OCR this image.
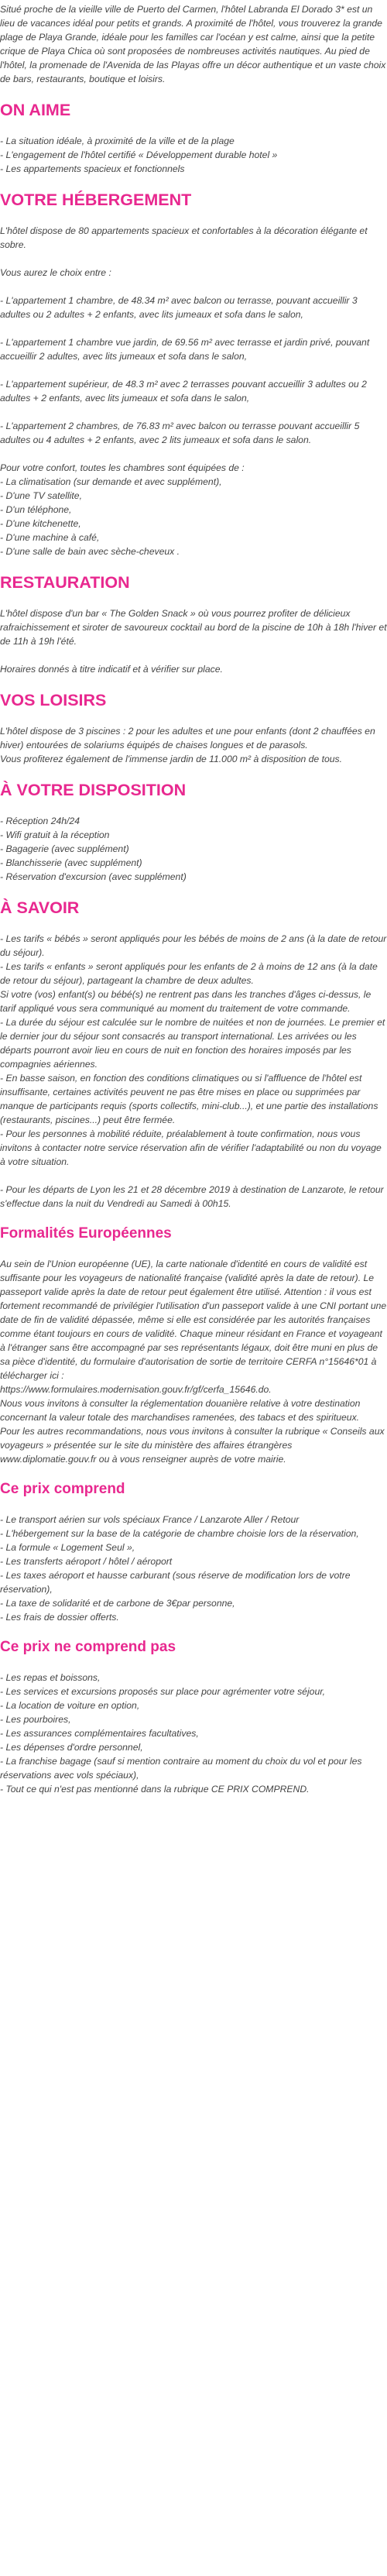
Situé proche de la vieille ville de Puerto del Carmen, l'hôtel Labranda El Dorado 3* est un lieu de vacances idéal pour petits et grands. A proximité de l'hôtel, vous trouverez la grande plage de Playa Grande, idéale pour les familles car l'océan y est calme, ainsi que la petite crique de Playa Chica où sont proposées de nombreuses activités nautiques. Au pied de l'hôtel, la promenade de l'Avenida de las Playas offre un décor authentique et un vaste choix de bars, restaurants, boutique et loisirs.

ON AIME

- La situation idéale, à proximité de la ville et de la plage
- L'engagement de l'hôtel certifié « Développement durable hotel »
- Les appartements spacieux et fonctionnels

VOTRE HÉBERGEMENT

L'hôtel dispose de 80 appartements spacieux et confortables à la décoration élégante et sobre.

Vous aurez le choix entre :

- L'appartement 1 chambre, de 48.34 m² avec balcon ou terrasse, pouvant accueillir 3 adultes ou 2 adultes + 2 enfants, avec lits jumeaux et sofa dans le salon,

- L'appartement 1 chambre vue jardin, de 69.56 m² avec terrasse et jardin privé, pouvant accueillir 2 adultes, avec lits jumeaux et sofa dans le salon,

- L'appartement supérieur, de 48.3 m² avec 2 terrasses pouvant accueillir 3 adultes ou 2 adultes + 2 enfants, avec lits jumeaux et sofa dans le salon,

- L'appartement 2 chambres, de 76.83 m² avec balcon ou terrasse pouvant accueillir 5 adultes ou 4 adultes + 2 enfants, avec 2 lits jumeaux et sofa dans le salon.

Pour votre confort, toutes les chambres sont équipées de :
- La climatisation (sur demande et avec supplément),
- D'une TV satellite,
- D'un téléphone,
- D'une kitchenette,
- D'une machine à café,
- D'une salle de bain avec sèche-cheveux .

RESTAURATION

L'hôtel dispose d'un bar « The Golden Snack » où vous pourrez profiter de délicieux rafraichissement et siroter de savoureux cocktail au bord de la piscine de 10h à 18h l'hiver et de 11h à 19h l'été.

Horaires donnés à titre indicatif et à vérifier sur place.

VOS LOISIRS

L'hôtel dispose de 3 piscines : 2 pour les adultes et une pour enfants (dont 2 chauffées en hiver) entourées de solariums équipés de chaises longues et de parasols.
Vous profiterez également de l'immense jardin de 11.000 m² à disposition de tous.

À VOTRE DISPOSITION

- Réception 24h/24
- Wifi gratuit à la réception
- Bagagerie (avec supplément)
- Blanchisserie (avec supplément)
- Réservation d'excursion (avec supplément)

À SAVOIR

- Les tarifs « bébés » seront appliqués pour les bébés de moins de 2 ans (à la date de retour du séjour).
- Les tarifs « enfants » seront appliqués pour les enfants de 2 à moins de 12 ans (à la date de retour du séjour), partageant la chambre de deux adultes.
Si votre (vos) enfant(s) ou bébé(s) ne rentrent pas dans les tranches d'âges ci-dessus, le tarif appliqué vous sera communiqué au moment du traitement de votre commande.
- La durée du séjour est calculée sur le nombre de nuitées et non de journées. Le premier et le dernier jour du séjour sont consacrés au transport international. Les arrivées ou les départs pourront avoir lieu en cours de nuit en fonction des horaires imposés par les compagnies aériennes.
- En basse saison, en fonction des conditions climatiques ou si l'affluence de l'hôtel est insuffisante, certaines activités peuvent ne pas être mises en place ou supprimées par manque de participants requis (sports collectifs, mini-club...), et une partie des installations (restaurants, piscines...) peut être fermée.
- Pour les personnes à mobilité réduite, préalablement à toute confirmation, nous vous invitons à contacter notre service réservation afin de vérifier l'adaptabilité ou non du voyage à votre situation.

- Pour les départs de Lyon les 21 et 28 décembre 2019 à destination de Lanzarote, le retour s'effectue dans la nuit du Vendredi au Samedi à 00h15.

Formalités Européennes

Au sein de l'Union européenne (UE), la carte nationale d'identité en cours de validité est suffisante pour les voyageurs de nationalité française (validité après la date de retour). Le passeport valide après la date de retour peut également être utilisé. Attention : il vous est fortement recommandé de privilégier l'utilisation d'un passeport valide à une CNI portant une date de fin de validité dépassée, même si elle est considérée par les autorités françaises comme étant toujours en cours de validité. Chaque mineur résidant en France et voyageant à l'étranger sans être accompagné par ses représentants légaux, doit être muni en plus de sa pièce d'identité, du formulaire d'autorisation de sortie de territoire CERFA n°15646*01 à télécharger ici :
https://www.formulaires.modernisation.gouv.fr/gf/cerfa_15646.do.
Nous vous invitons à consulter la réglementation douanière relative à votre destination concernant la valeur totale des marchandises ramenées, des tabacs et des spiritueux.
Pour les autres recommandations, nous vous invitons à consulter la rubrique « Conseils aux voyageurs » présentée sur le site du ministère des affaires étrangères www.diplomatie.gouv.fr ou à vous renseigner auprès de votre mairie.

Ce prix comprend

- Le transport aérien sur vols spéciaux France / Lanzarote Aller / Retour
- L'hébergement sur la base de la catégorie de chambre choisie lors de la réservation,
- La formule « Logement Seul »,
- Les transferts aéroport / hôtel / aéroport
- Les taxes aéroport et hausse carburant (sous réserve de modification lors de votre réservation),
- La taxe de solidarité et de carbone de 3€par personne,
- Les frais de dossier offerts.

Ce prix ne comprend pas

- Les repas et boissons,
- Les services et excursions proposés sur place pour agrémenter votre séjour,
- La location de voiture en option,
- Les pourboires,
- Les assurances complémentaires facultatives,
- Les dépenses d'ordre personnel,
- La franchise bagage (sauf si mention contraire au moment du choix du vol et pour les réservations avec vols spéciaux),
- Tout ce qui n'est pas mentionné dans la rubrique CE PRIX COMPREND.
